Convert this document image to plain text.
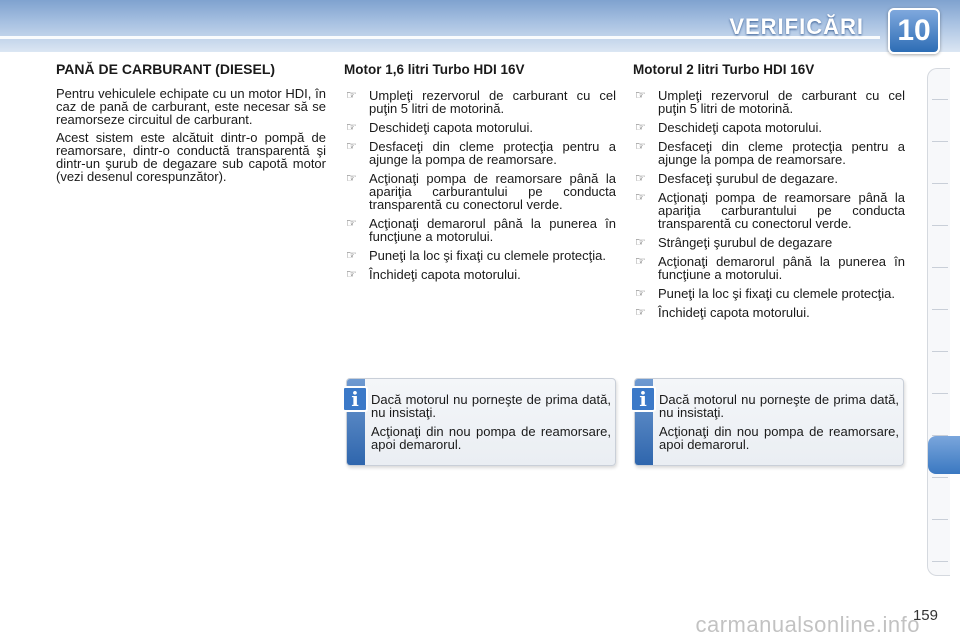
VERIFICĂRI	10
PANĂ DE CARBURANT (DIESEL)

Pentru vehiculele echipate cu un motor HDI, în caz de pană de carburant, este necesar să se reamorseze circuitul de carburant.

Acest sistem este alcătuit dintr-o pompă de reamorsare, dintr-o conductă transparentă şi dintr-un şurub de degazare sub capotă motor (vezi desenul corespunzător).

Motor 1,6 litri Turbo HDI 16V
☞ Umpleţi rezervorul de carburant cu cel puţin 5 litri de motorină.
☞ Deschideţi capota motorului.
☞ Desfaceţi din cleme protecţia pentru a ajunge la pompa de reamorsare.
☞ Acţionaţi pompa de reamorsare până la apariţia carburantului pe conducta transparentă cu conectorul verde.
☞ Acţionaţi demarorul până la punerea în funcţiune a motorului.
☞ Puneţi la loc şi fixaţi cu clemele protecţia.
☞ Închideţi capota motorului.
Motorul 2 litri Turbo HDI 16V
☞ Umpleţi rezervorul de carburant cu cel puţin 5 litri de motorină.
☞ Deschideţi capota motorului.
☞ Desfaceţi din cleme protecţia pentru a ajunge la pompa de reamorsare.
☞ Desfaceţi şurubul de degazare.
☞ Acţionaţi pompa de reamorsare până la apariţia carburantului pe conducta transparentă cu conectorul verde.
☞ Strângeţi şurubul de degazare
☞ Acţionaţi demarorul până la punerea în funcţiune a motorului.
☞ Puneţi la loc şi fixaţi cu clemele protecţia.
☞ Închideţi capota motorului.
i Dacă motorul nu porneşte de prima dată, nu insistaţi.

Acţionaţi din nou pompa de reamorsare, apoi demarorul.

i Dacă motorul nu porneşte de prima dată, nu insistaţi.

Acţionaţi din nou pompa de reamorsare, apoi demarorul.

159
carmanualsonline.info
